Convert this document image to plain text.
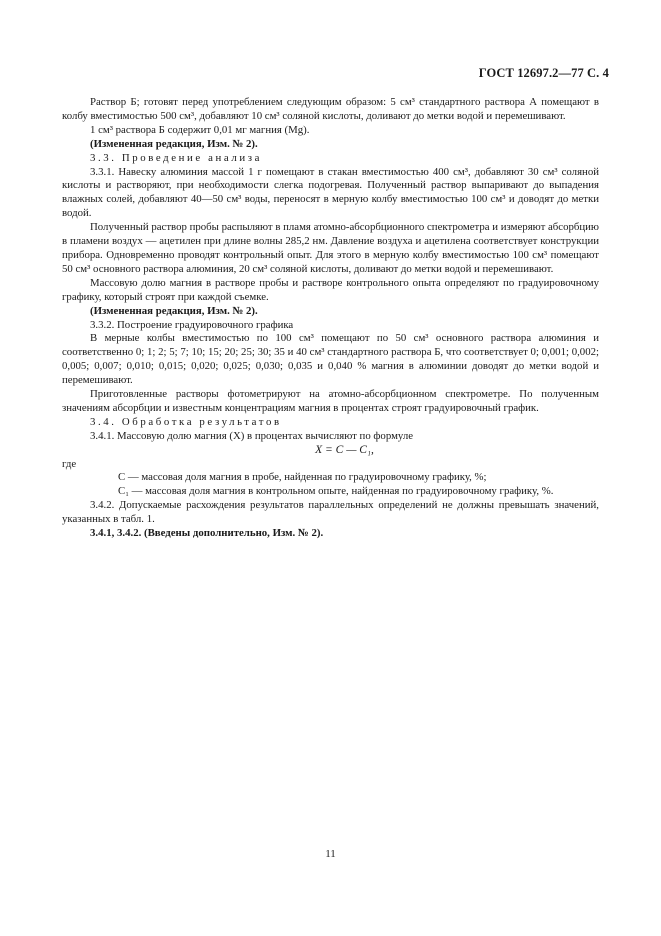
ГОСТ 12697.2—77 С. 4

Раствор Б; готовят перед употреблением следующим образом: 5 см³ стандартного раствора А помещают в колбу вместимостью 500 см³, добавляют 10 см³ соляной кислоты, доливают до метки водой и перемешивают.

1 см³ раствора Б содержит 0,01 мг магния (Mg).

(Измененная редакция, Изм. № 2).

3.3. Проведение анализа

3.3.1. Навеску алюминия массой 1 г помещают в стакан вместимостью 400 см³, добавляют 30 см³ соляной кислоты и растворяют, при необходимости слегка подогревая. Полученный раствор выпаривают до выпадения влажных солей, добавляют 40—50 см³ воды, переносят в мерную колбу вместимостью 100 см³ и доводят до метки водой.

Полученный раствор пробы распыляют в пламя атомно-абсорбционного спектрометра и измеряют абсорбцию в пламени воздух — ацетилен при длине волны 285,2 нм. Давление воздуха и ацетилена соответствует конструкции прибора. Одновременно проводят контрольный опыт. Для этого в мерную колбу вместимостью 100 см³ помещают 50 см³ основного раствора алюминия, 20 см³ соляной кислоты, доливают до метки водой и перемешивают.

Массовую долю магния в растворе пробы и растворе контрольного опыта определяют по градуировочному графику, который строят при каждой съемке.

(Измененная редакция, Изм. № 2).

3.3.2. Построение градуировочного графика

В мерные колбы вместимостью по 100 см³ помещают по 50 см³ основного раствора алюминия и соответственно 0; 1; 2; 5; 7; 10; 15; 20; 25; 30; 35 и 40 см³ стандартного раствора Б, что соответствует 0; 0,001; 0,002; 0,005; 0,007; 0,010; 0,015; 0,020; 0,025; 0,030; 0,035 и 0,040 % магния в алюминии доводят до метки водой и перемешивают.

Приготовленные растворы фотометрируют на атомно-абсорбционном спектрометре. По полученным значениям абсорбции и известным концентрациям магния в процентах строят градуировочный график.

3.4. Обработка результатов

3.4.1. Массовую долю магния (X) в процентах вычисляют по формуле

X = C — C₁,

где

C — массовая доля магния в пробе, найденная по градуировочному графику, %;

C₁ — массовая доля магния в контрольном опыте, найденная по градуировочному графику, %.

3.4.2. Допускаемые расхождения результатов параллельных определений не должны превышать значений, указанных в табл. 1.

3.4.1, 3.4.2. (Введены дополнительно, Изм. № 2).

11
